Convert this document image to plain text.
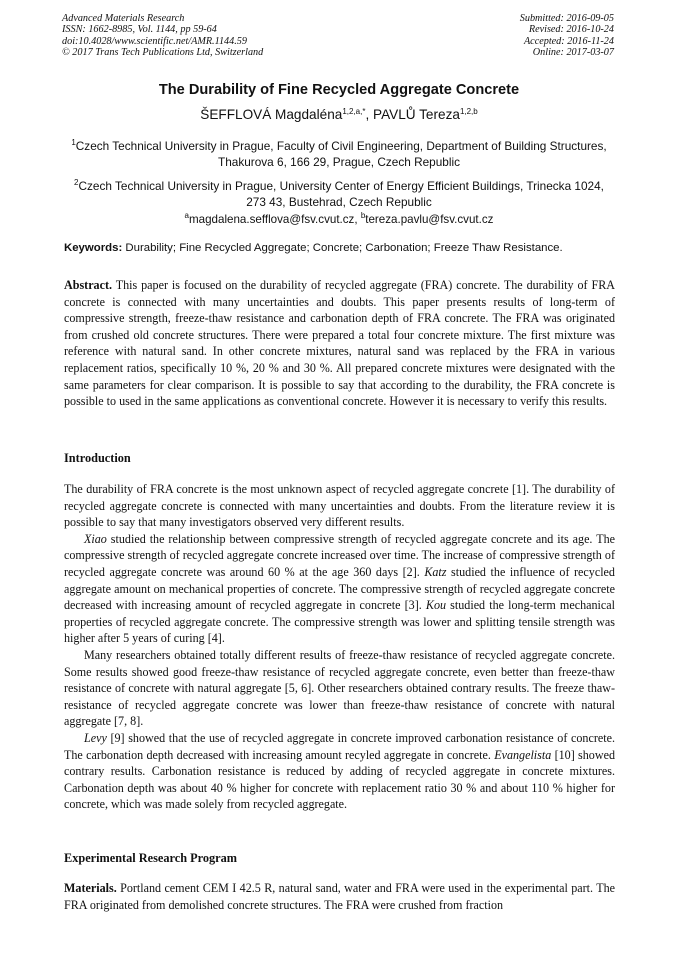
Advanced Materials Research
ISSN: 1662-8985, Vol. 1144, pp 59-64
doi:10.4028/www.scientific.net/AMR.1144.59
© 2017 Trans Tech Publications Ltd, Switzerland
Submitted: 2016-09-05
Revised: 2016-10-24
Accepted: 2016-11-24
Online: 2017-03-07
The Durability of Fine Recycled Aggregate Concrete
ŠEFFLOVÁ Magdaléna$^{1,2,a,*}$, PAVLŮ Tereza$^{1,2,b}$
$^1$Czech Technical University in Prague, Faculty of Civil Engineering, Department of Building Structures, Thakurova 6, 166 29, Prague, Czech Republic
$^2$Czech Technical University in Prague, University Center of Energy Efficient Buildings, Trinecka 1024, 273 43, Bustehrad, Czech Republic
$^a$magdalena.sefflova@fsv.cvut.cz, $^b$tereza.pavlu@fsv.cvut.cz
Keywords: Durability; Fine Recycled Aggregate; Concrete; Carbonation; Freeze Thaw Resistance.
Abstract. This paper is focused on the durability of recycled aggregate (FRA) concrete. The durability of FRA concrete is connected with many uncertainties and doubts. This paper presents results of long-term of compressive strength, freeze-thaw resistance and carbonation depth of FRA concrete. The FRA was originated from crushed old concrete structures. There were prepared a total four concrete mixture. The first mixture was reference with natural sand. In other concrete mixtures, natural sand was replaced by the FRA in various replacement ratios, specifically 10 %, 20 % and 30 %. All prepared concrete mixtures were designated with the same parameters for clear comparison. It is possible to say that according to the durability, the FRA concrete is possible to used in the same applications as conventional concrete. However it is necessary to verify this results.
Introduction

The durability of FRA concrete is the most unknown aspect of recycled aggregate concrete [1]. The durability of recycled aggregate concrete is connected with many uncertainties and doubts. From the literature review it is possible to say that many investigators observed very different results.

Xiao studied the relationship between compressive strength of recycled aggregate concrete and its age. The compressive strength of recycled aggregate concrete increased over time. The increase of compressive strength of recycled aggregate concrete was around 60 % at the age 360 days [2]. Katz studied the influence of recycled aggregate amount on mechanical properties of concrete. The compressive strength of recycled aggregate concrete decreased with increasing amount of recycled aggregate in concrete [3]. Kou studied the long-term mechanical properties of recycled aggregate concrete. The compressive strength was lower and splitting tensile strength was higher after 5 years of curing [4].

Many researchers obtained totally different results of freeze-thaw resistance of recycled aggregate concrete. Some results showed good freeze-thaw resistance of recycled aggregate concrete, even better than freeze-thaw resistance of concrete with natural aggregate [5, 6]. Other researchers obtained contrary results. The freeze thaw-resistance of recycled aggregate concrete was lower than freeze-thaw resistance of concrete with natural aggregate [7, 8].

Levy [9] showed that the use of recycled aggregate in concrete improved carbonation resistance of concrete. The carbonation depth decreased with increasing amount recyled aggregate in concrete. Evangelista [10] showed contrary results. Carbonation resistance is reduced by adding of recycled aggregate in concrete mixtures. Carbonation depth was about 40 % higher for concrete with replacement ratio 30 % and about 110 % higher for concrete, which was made solely from recycled aggregate.

Experimental Research Program
Materials. Portland cement CEM I 42.5 R, natural sand, water and FRA were used in the experimental part. The FRA originated from demolished concrete structures. The FRA were crushed from fraction
